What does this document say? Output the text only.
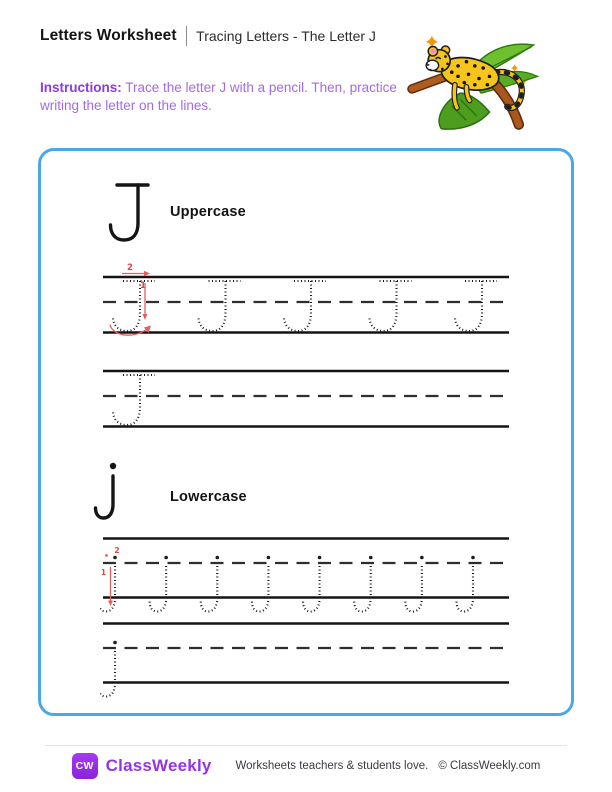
Letters Worksheet Tracing Letters - The Letter J
Instructions: Trace the letter J with a pencil. Then, practice writing the letter on the lines.
Uppercase
2
1
Lowercase
2
1
CW ClassWeekly Worksheets teachers & students love. © ClassWeekly.com
